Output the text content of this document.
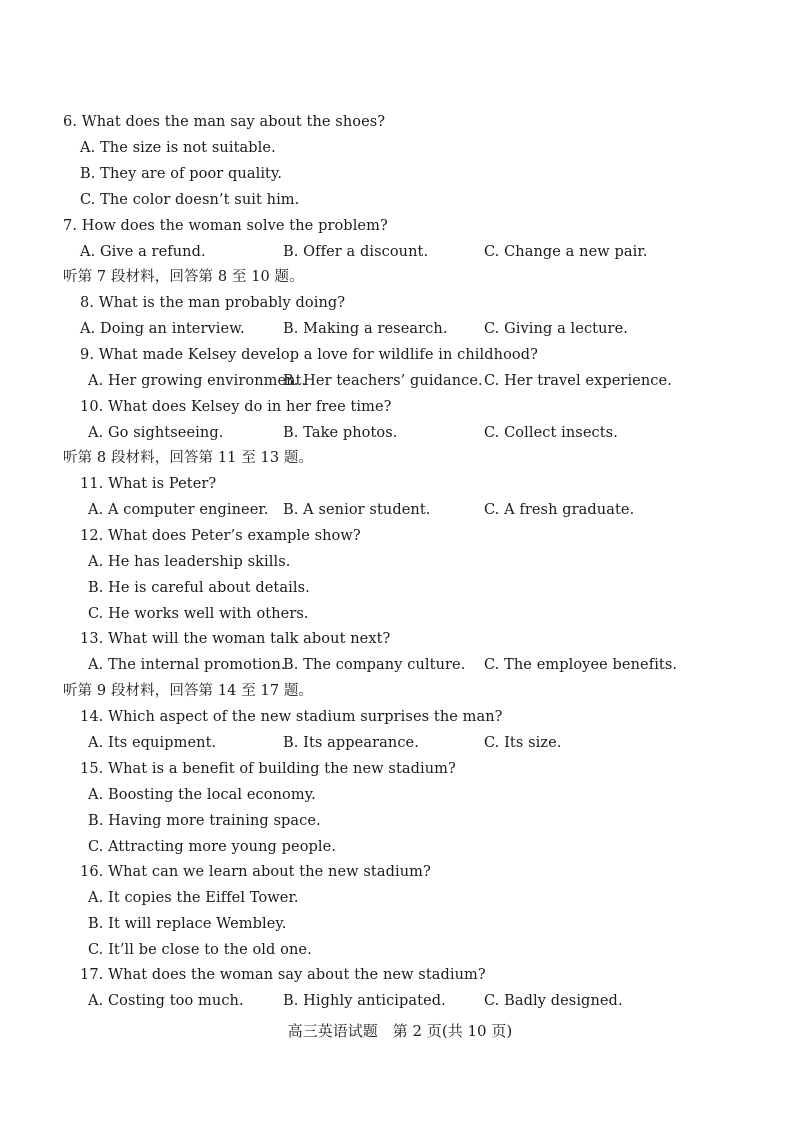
6. What does the man say about the shoes?
A. The size is not suitable.
B. They are of poor quality.
C. The color doesn’t suit him.
7. How does the woman solve the problem?
A. Give a refund.	B. Offer a discount.	C. Change a new pair.
听第 7 段材料，回答第 8 至 10 题。
8. What is the man probably doing?
A. Doing an interview.	B. Making a research.	C. Giving a lecture.
9. What made Kelsey develop a love for wildlife in childhood?
A. Her growing environment.
B. Her teachers’ guidance. C. Her travel experience.
10. What does Kelsey do in her free time?
A. Go sightseeing.	B. Take photos.	C. Collect insects.
听第 8 段材料，回答第 11 至 13 题。
11. What is Peter?
A. A computer engineer. B. A senior student.	C. A fresh graduate.
12. What does Peter’s example show?
A. He has leadership skills.
B. He is careful about details.
C. He works well with others.
13. What will the woman talk about next?
A. The internal promotion.
B. The company culture. C. The employee benefits.
听第 9 段材料，回答第 14 至 17 题。
14. Which aspect of the new stadium surprises the man?
A. Its equipment.	B. Its appearance.	C. Its size.
15. What is a benefit of building the new stadium?
A. Boosting the local economy.
B. Having more training space.
C. Attracting more young people.
16. What can we learn about the new stadium?
A. It copies the Eiffel Tower.
B. It will replace Wembley.
C. It’ll be close to the old one.
17. What does the woman say about the new stadium?
A. Costing too much.	B. Highly anticipated.	C. Badly designed.
高三英语试题　第 2 页(共 10 页)
